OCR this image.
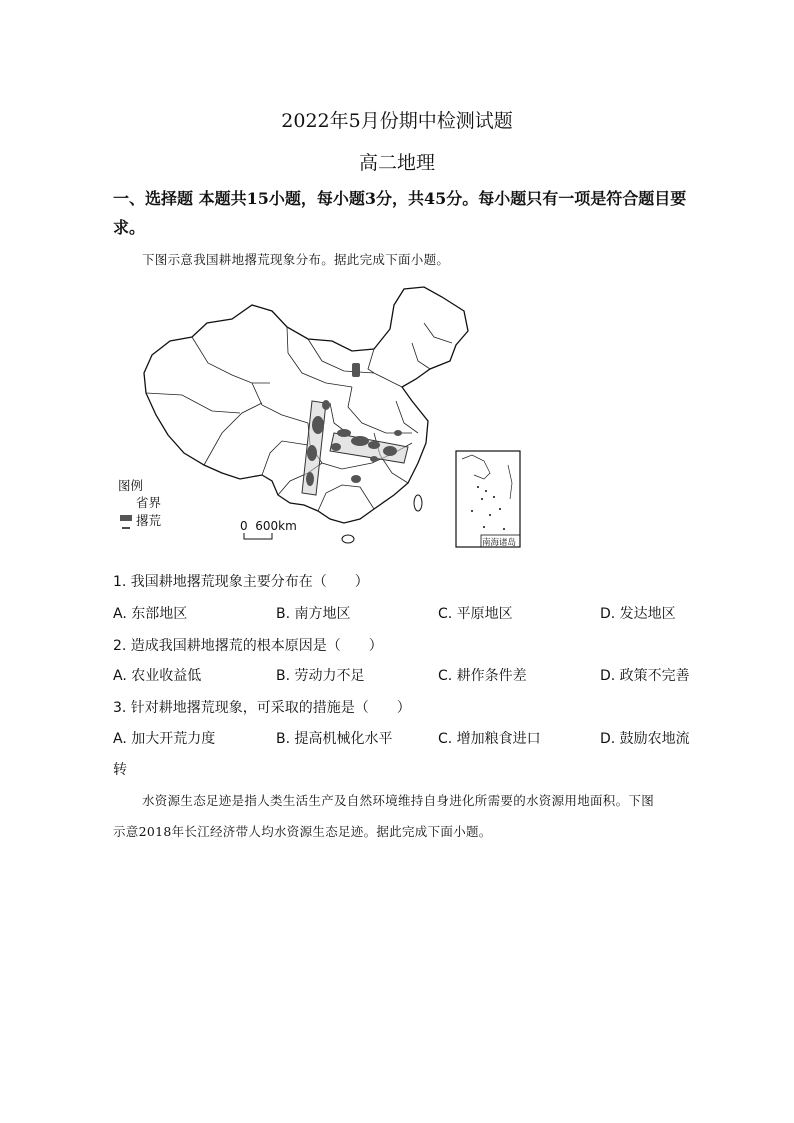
2022年5月份期中检测试题
高二地理
一、选择题 本题共15小题，每小题3分，共45分。每小题只有一项是符合题目要
求。
下图示意我国耕地撂荒现象分布。据此完成下面小题。
图例
省界
撂荒	0  600km
南海诸岛
1. 我国耕地撂荒现象主要分布在（　　）
A. 东部地区	B. 南方地区	C. 平原地区	D. 发达地区
2. 造成我国耕地撂荒的根本原因是（　　）
A. 农业收益低	B. 劳动力不足	C. 耕作条件差	D. 政策不完善
3. 针对耕地撂荒现象，可采取的措施是（　　）
A. 加大开荒力度	B. 提高机械化水平	C. 增加粮食进口	D. 鼓励农地流
转
水资源生态足迹是指人类生活生产及自然环境维持自身进化所需要的水资源用地面积。下图
示意2018年长江经济带人均水资源生态足迹。据此完成下面小题。
